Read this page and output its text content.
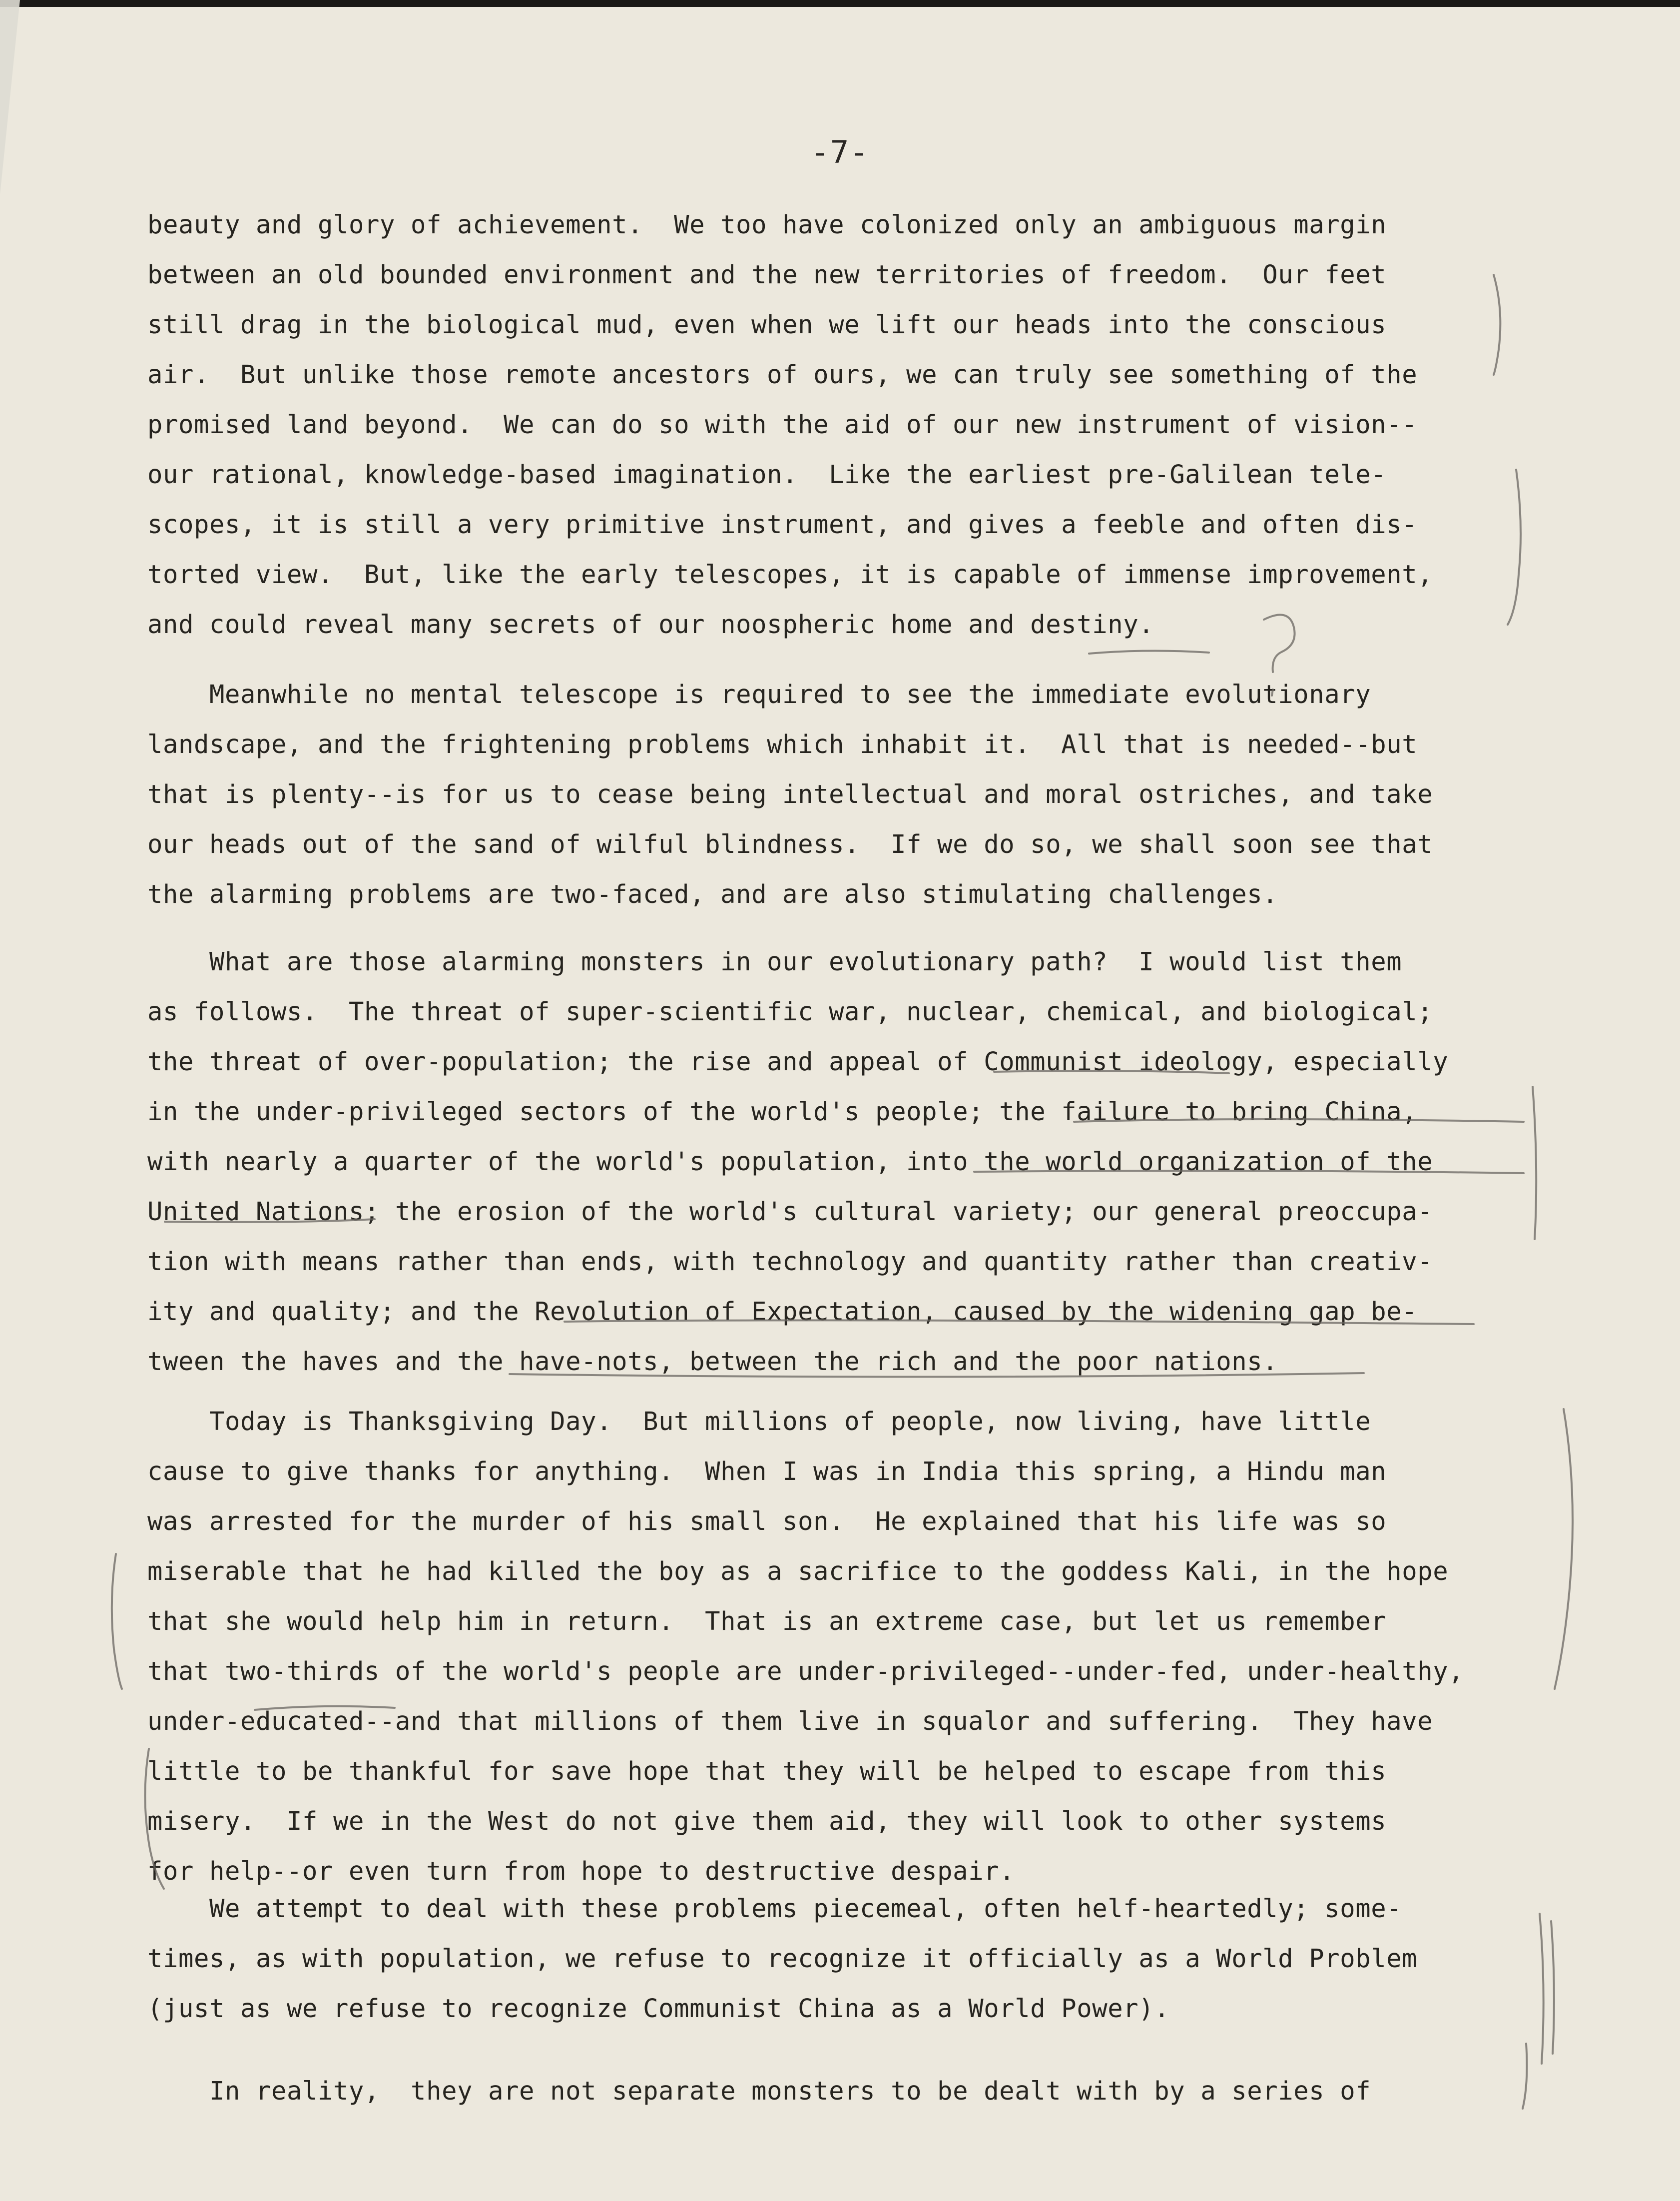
-7-
beauty and glory of achievement.  We too have colonized only an ambiguous margin
between an old bounded environment and the new territories of freedom.  Our feet
still drag in the biological mud, even when we lift our heads into the conscious
air.  But unlike those remote ancestors of ours, we can truly see something of the
promised land beyond.  We can do so with the aid of our new instrument of vision--
our rational, knowledge-based imagination.  Like the earliest pre-Galilean tele-
scopes, it is still a very primitive instrument, and gives a feeble and often dis-
torted view.  But, like the early telescopes, it is capable of immense improvement,
and could reveal many secrets of our noospheric home and destiny.
Meanwhile no mental telescope is required to see the immediate evolutionary
landscape, and the frightening problems which inhabit it.  All that is needed--but
that is plenty--is for us to cease being intellectual and moral ostriches, and take
our heads out of the sand of wilful blindness.  If we do so, we shall soon see that
the alarming problems are two-faced, and are also stimulating challenges.
What are those alarming monsters in our evolutionary path?  I would list them
as follows.  The threat of super-scientific war, nuclear, chemical, and biological;
the threat of over-population; the rise and appeal of Communist ideology, especially
in the under-privileged sectors of the world's people; the failure to bring China,
with nearly a quarter of the world's population, into the world organization of the
United Nations; the erosion of the world's cultural variety; our general preoccupa-
tion with means rather than ends, with technology and quantity rather than creativ-
ity and quality; and the Revolution of Expectation, caused by the widening gap be-
tween the haves and the have-nots, between the rich and the poor nations.
Today is Thanksgiving Day.  But millions of people, now living, have little
cause to give thanks for anything.  When I was in India this spring, a Hindu man
was arrested for the murder of his small son.  He explained that his life was so
miserable that he had killed the boy as a sacrifice to the goddess Kali, in the hope
that she would help him in return.  That is an extreme case, but let us remember
that two-thirds of the world's people are under-privileged--under-fed, under-healthy,
under-educated--and that millions of them live in squalor and suffering.  They have
little to be thankful for save hope that they will be helped to escape from this
misery.  If we in the West do not give them aid, they will look to other systems
for help--or even turn from hope to destructive despair.
We attempt to deal with these problems piecemeal, often helf-heartedly; some-
times, as with population, we refuse to recognize it officially as a World Problem
(just as we refuse to recognize Communist China as a World Power).
In reality,  they are not separate monsters to be dealt with by a series of
